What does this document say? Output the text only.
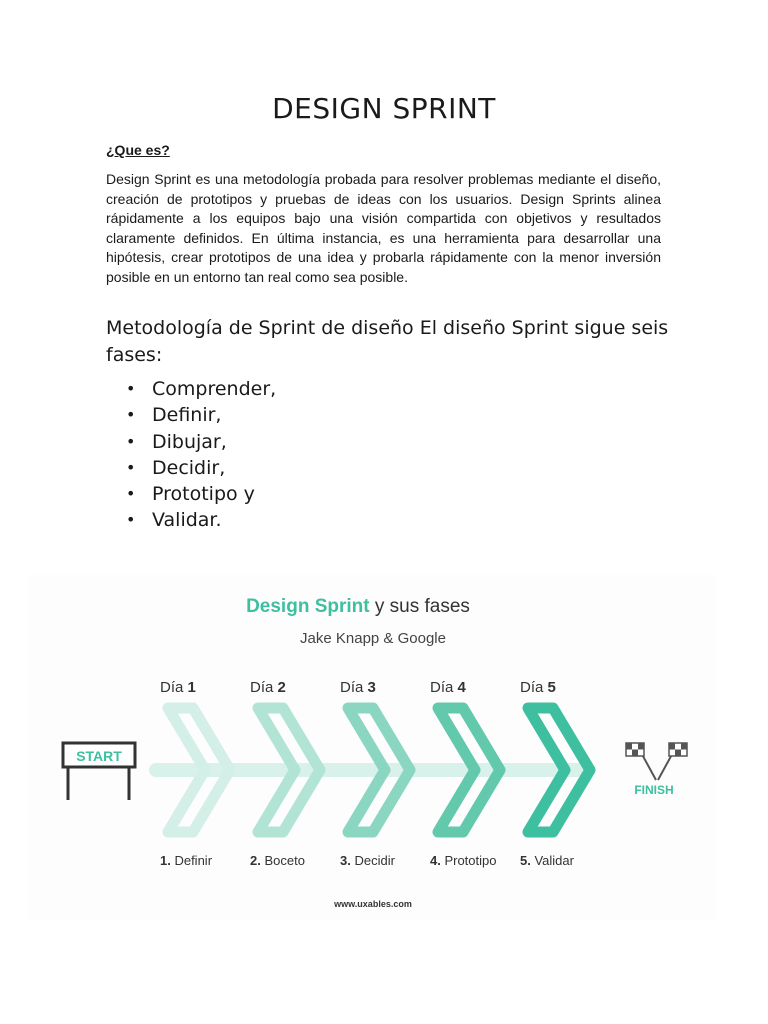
DESIGN SPRINT
¿Que es?

Design Sprint es una metodología probada para resolver problemas mediante el diseño, creación de prototipos y pruebas de ideas con los usuarios. Design Sprints alinea rápidamente a los equipos bajo una visión compartida con objetivos y resultados claramente definidos. En última instancia, es una herramienta para desarrollar una hipótesis, crear prototipos de una idea y probarla rápidamente con la menor inversión posible en un entorno tan real como sea posible.

Metodología de Sprint de diseño El diseño Sprint sigue seis fases:

• Comprender,
• Definir,
• Dibujar,
• Decidir,
• Prototipo y
• Validar.
Design Sprint y sus fases
Jake Knapp & Google
Día 1	Día 2	Día 3	Día 4	Día 5
1. Definir	2. Boceto	3. Decidir	4. Prototipo 5. Validar
START
FINISH
www.uxables.com
